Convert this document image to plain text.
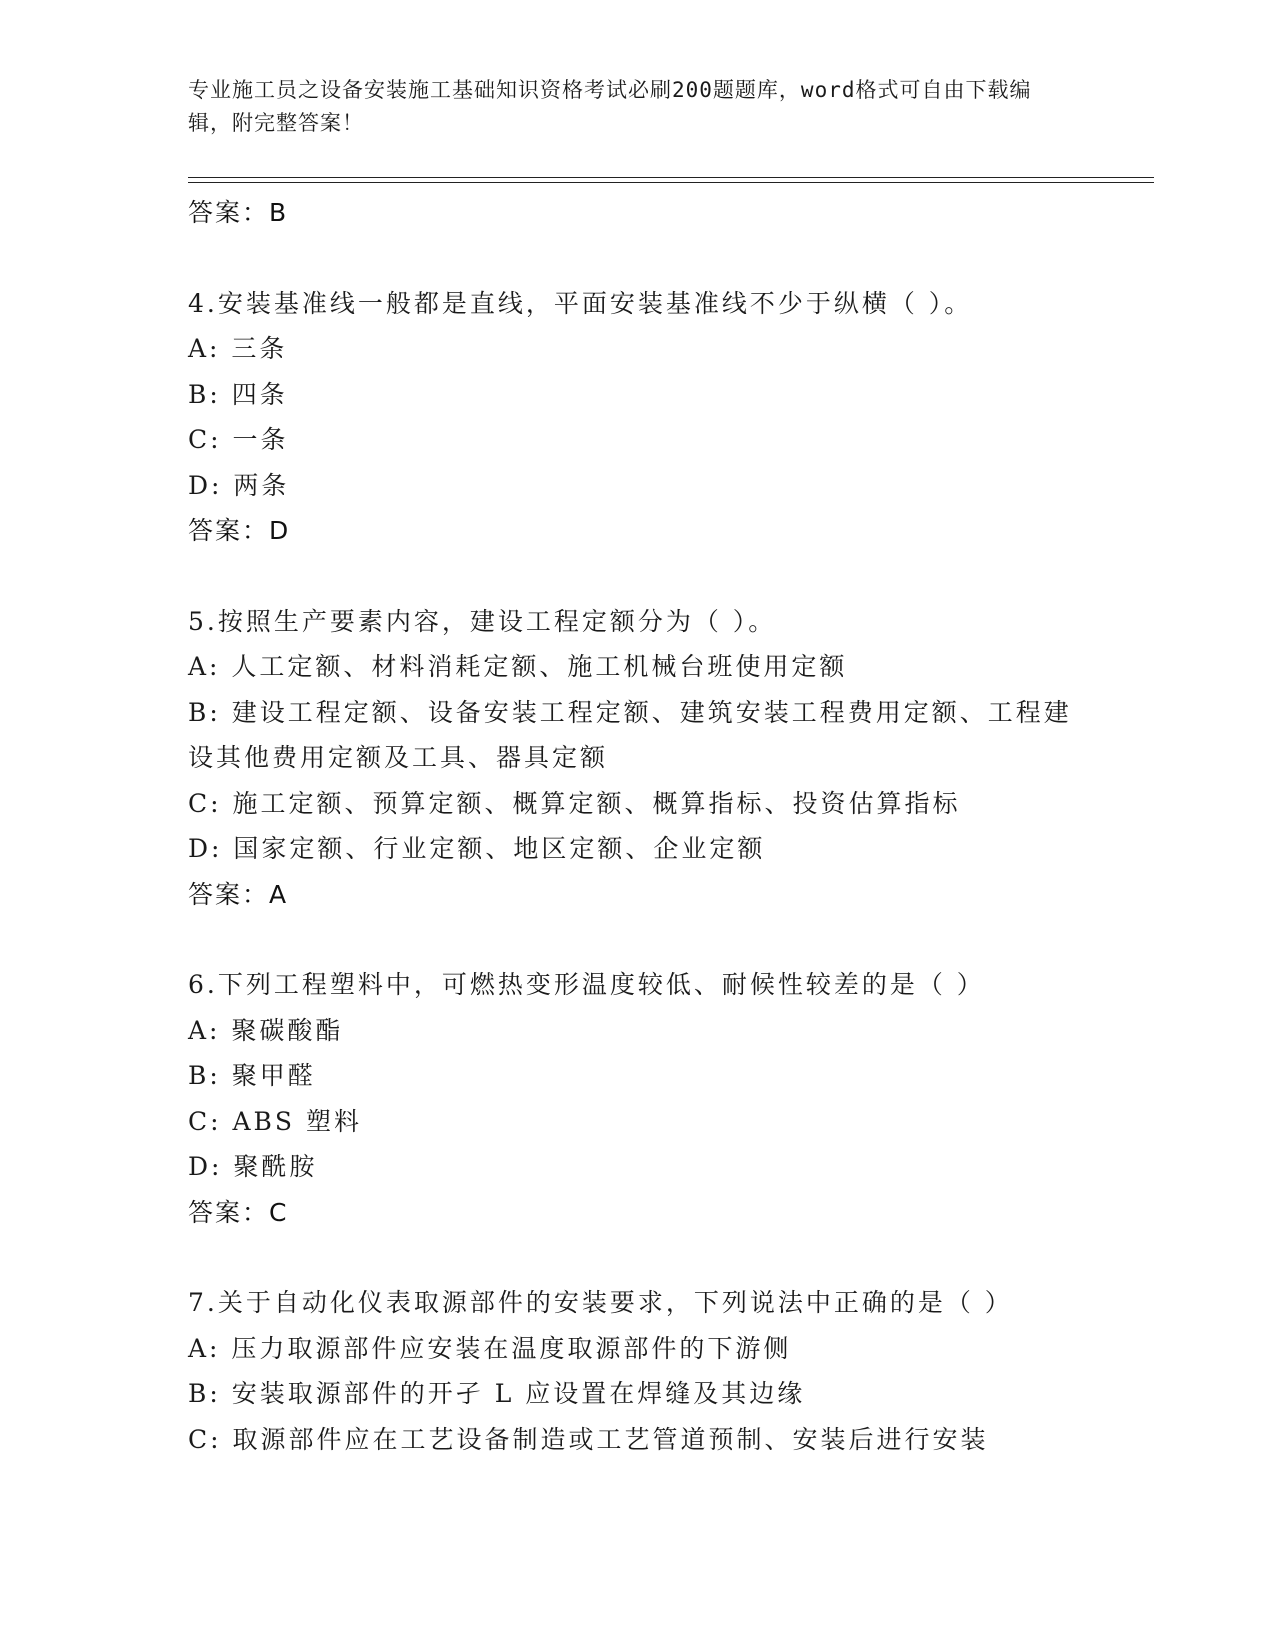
专业施工员之设备安装施工基础知识资格考试必刷200题题库，word格式可自由下载编辑，附完整答案！
答案：B
4.安装基准线一般都是直线，平面安装基准线不少于纵横（ ）。
A: 三条
B: 四条
C: 一条
D: 两条
答案：D
5.按照生产要素内容，建设工程定额分为（ ）。
A: 人工定额、材料消耗定额、施工机械台班使用定额
B: 建设工程定额、设备安装工程定额、建筑安装工程费用定额、工程建设其他费用定额及工具、器具定额
C: 施工定额、预算定额、概算定额、概算指标、投资估算指标
D: 国家定额、行业定额、地区定额、企业定额
答案：A
6.下列工程塑料中，可燃热变形温度较低、耐候性较差的是（ ）
A: 聚碳酸酯
B: 聚甲醛
C: ABS 塑料
D: 聚酰胺
答案：C
7.关于自动化仪表取源部件的安装要求，下列说法中正确的是（ ）
A: 压力取源部件应安装在温度取源部件的下游侧
B: 安装取源部件的开孑 L 应设置在焊缝及其边缘
C: 取源部件应在工艺设备制造或工艺管道预制、安装后进行安装
